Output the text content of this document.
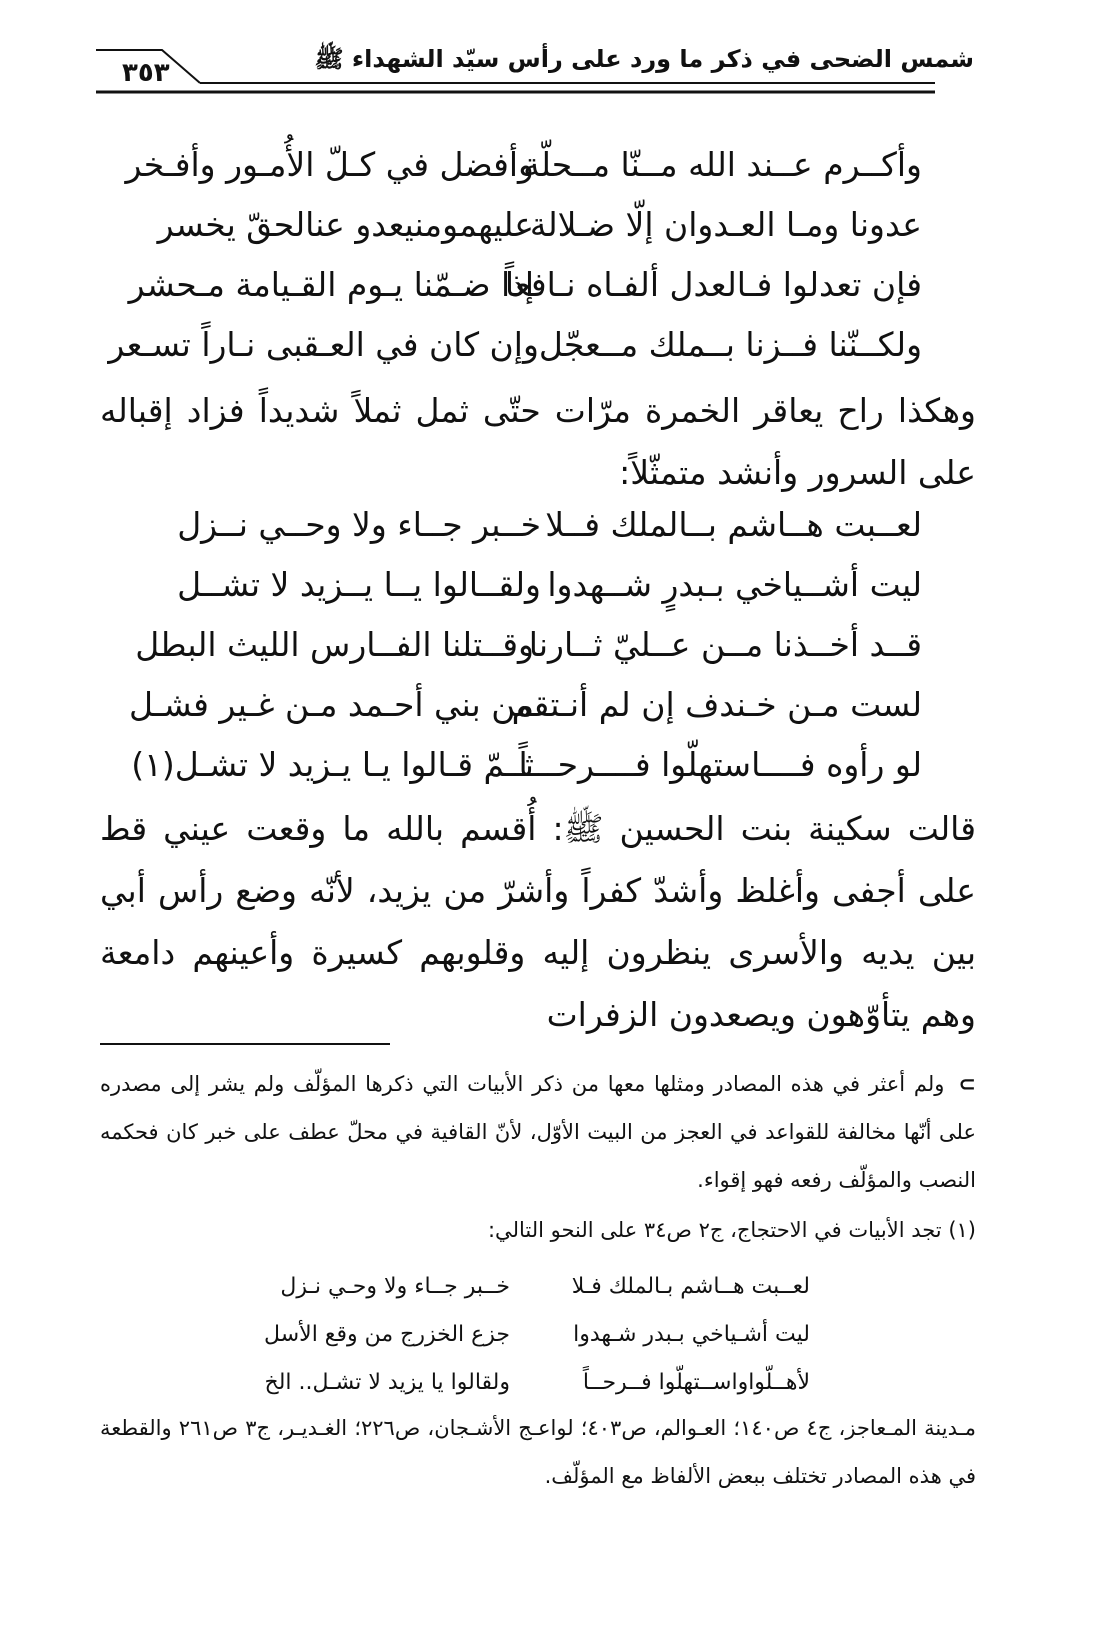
شمس الضحى في ذكر ما ورد على رأس سيّد الشهداء ﷺ
٣٥٣
وأكــرم عــند الله مــنّا مــحلّة
وأفضل في كـلّ الأُمـور وأفـخر
عدونا ومـا العـدوان إلّا ضـلالة
عليهمومنيعدو عنالحقّ يخسر
فإن تعدلوا فـالعدل ألفـاه نـافعاً
إذا ضـمّنا يـوم القـيامة مـحشر
ولكــنّنا فــزنا بــملك مــعجّل
وإن كان في العـقبى نـاراً تسـعر
وهكذا راح يعاقر الخمرة مرّات حتّى ثمل ثملاً شديداً فزاد إقباله على السرور وأنشد متمثّلاً:
لعــبت هــاشم بــالملك فــلا
خــبر جــاء ولا وحــي نــزل
ليت أشــياخي بـبدرٍ شــهدوا
ولقــالوا يــا يــزيد لا تشــل
قــد أخــذنا مــن عــليّ ثــارنا
وقــتلنا الفــارس الليث البطل
لست مـن خـندف إن لم أنـتقم
من بني أحـمد مـن غـير فشـل
لو رأوه فــــاستهلّوا فــــرحـــاً
ثــمّ قـالوا يـا يـزيد لا تشـل(١)
قالت سكينة بنت الحسين ﷺ: أُقسم بالله ما وقعت عيني قط على أجفى وأغلظ وأشدّ كفراً وأشرّ من يزيد، لأنّه وضع رأس أبي بين يديه والأسرى ينظرون إليه وقلوبهم كسيرة وأعينهم دامعة وهم يتأوّهون ويصعدون الزفرات
⊃ولم أعثر في هذه المصادر ومثلها معها من ذكر الأبيات التي ذكرها المؤلّف ولم يشر إلى مصدره على أنّها مخالفة للقواعد في العجز من البيت الأوّل، لأنّ القافية في محلّ عطف على خبر كان فحكمه النصب والمؤلّف رفعه فهو إقواء.
(١) تجد الأبيات في الاحتجاج، ج٢ ص٣٤ على النحو التالي:
لعــبت هــاشم بـالملك فـلا
خــبر جــاء ولا وحـي نـزل
ليت أشـياخي بـبدر شـهدوا
جزع الخزرج من وقع الأسل
لأهــلّواواســتهلّوا فــرحــاً
ولقالوا يا يزيد لا تشـل.. الخ
مـدينة المـعاجز، ج٤ ص١٤٠؛ العـوالم، ص٤٠٣؛ لواعـج الأشـجان، ص٢٢٦؛ الغـديـر، ج٣ ص٢٦١ والقطعة في هذه المصادر تختلف ببعض الألفاظ مع المؤلّف.
